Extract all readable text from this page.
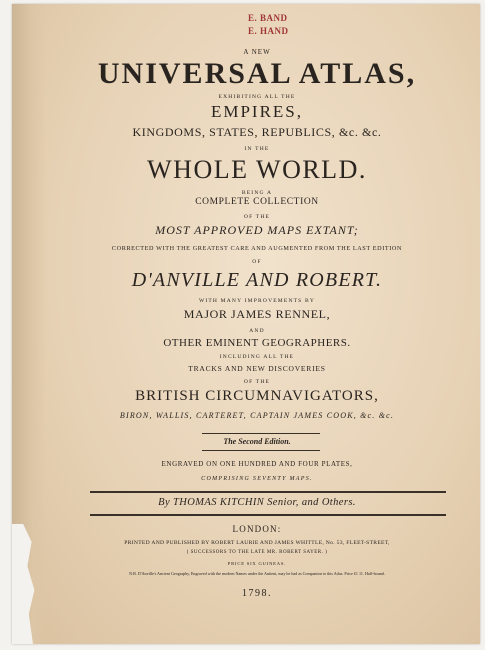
E. BAND
E. HAND
A NEW
UNIVERSAL ATLAS,
EXHIBITING ALL THE
EMPIRES,
KINGDOMS, STATES, REPUBLICS, &c. &c.
IN THE
WHOLE WORLD.
BEING A
COMPLETE COLLECTION
OF THE
MOST APPROVED MAPS EXTANT;
CORRECTED WITH THE GREATEST CARE AND AUGMENTED FROM THE LAST EDITION
OF
D'ANVILLE AND ROBERT.
WITH MANY IMPROVEMENTS BY
MAJOR JAMES RENNEL,
AND
OTHER EMINENT GEOGRAPHERS.
INCLUDING ALL THE
TRACKS AND NEW DISCOVERIES
OF THE
BRITISH CIRCUMNAVIGATORS,
BIRON, WALLIS, CARTERET, CAPTAIN JAMES COOK, &c. &c.
The Second Edition.
ENGRAVED ON ONE HUNDRED AND FOUR PLATES,
COMPRISING SEVENTY MAPS.
By THOMAS KITCHIN Senior, and Others.
LONDON:
PRINTED AND PUBLISHED BY ROBERT LAURIE AND JAMES WHITTLE, No. 53, FLEET-STREET,
( SUCCESSORS TO THE LATE MR. ROBERT SAYER. )
PRICE SIX GUINEAS.
N.B. D'Anville's Ancient Geography, Engraved with the modern Names under the Antient, may be had as Companion to this Atlas. Price £1 11. Half-bound.
1798.
